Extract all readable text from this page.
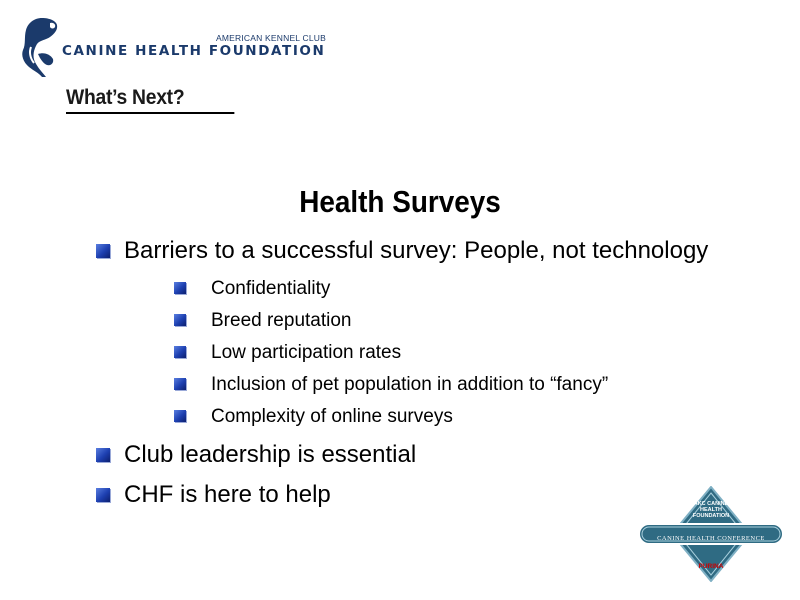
AMERICAN KENNEL CLUB
CANINE HEALTH FOUNDATION
What’s Next?
Health Surveys
Barriers to a successful survey: People, not technology
Confidentiality
Breed reputation
Low participation rates
Inclusion of pet population in addition to “fancy”
Complexity of online surveys
Club leadership is essential
CHF is here to help	AKC CANINE HEALTH FOUNDATION
CANINE HEALTH CONFERENCE
PURINA
